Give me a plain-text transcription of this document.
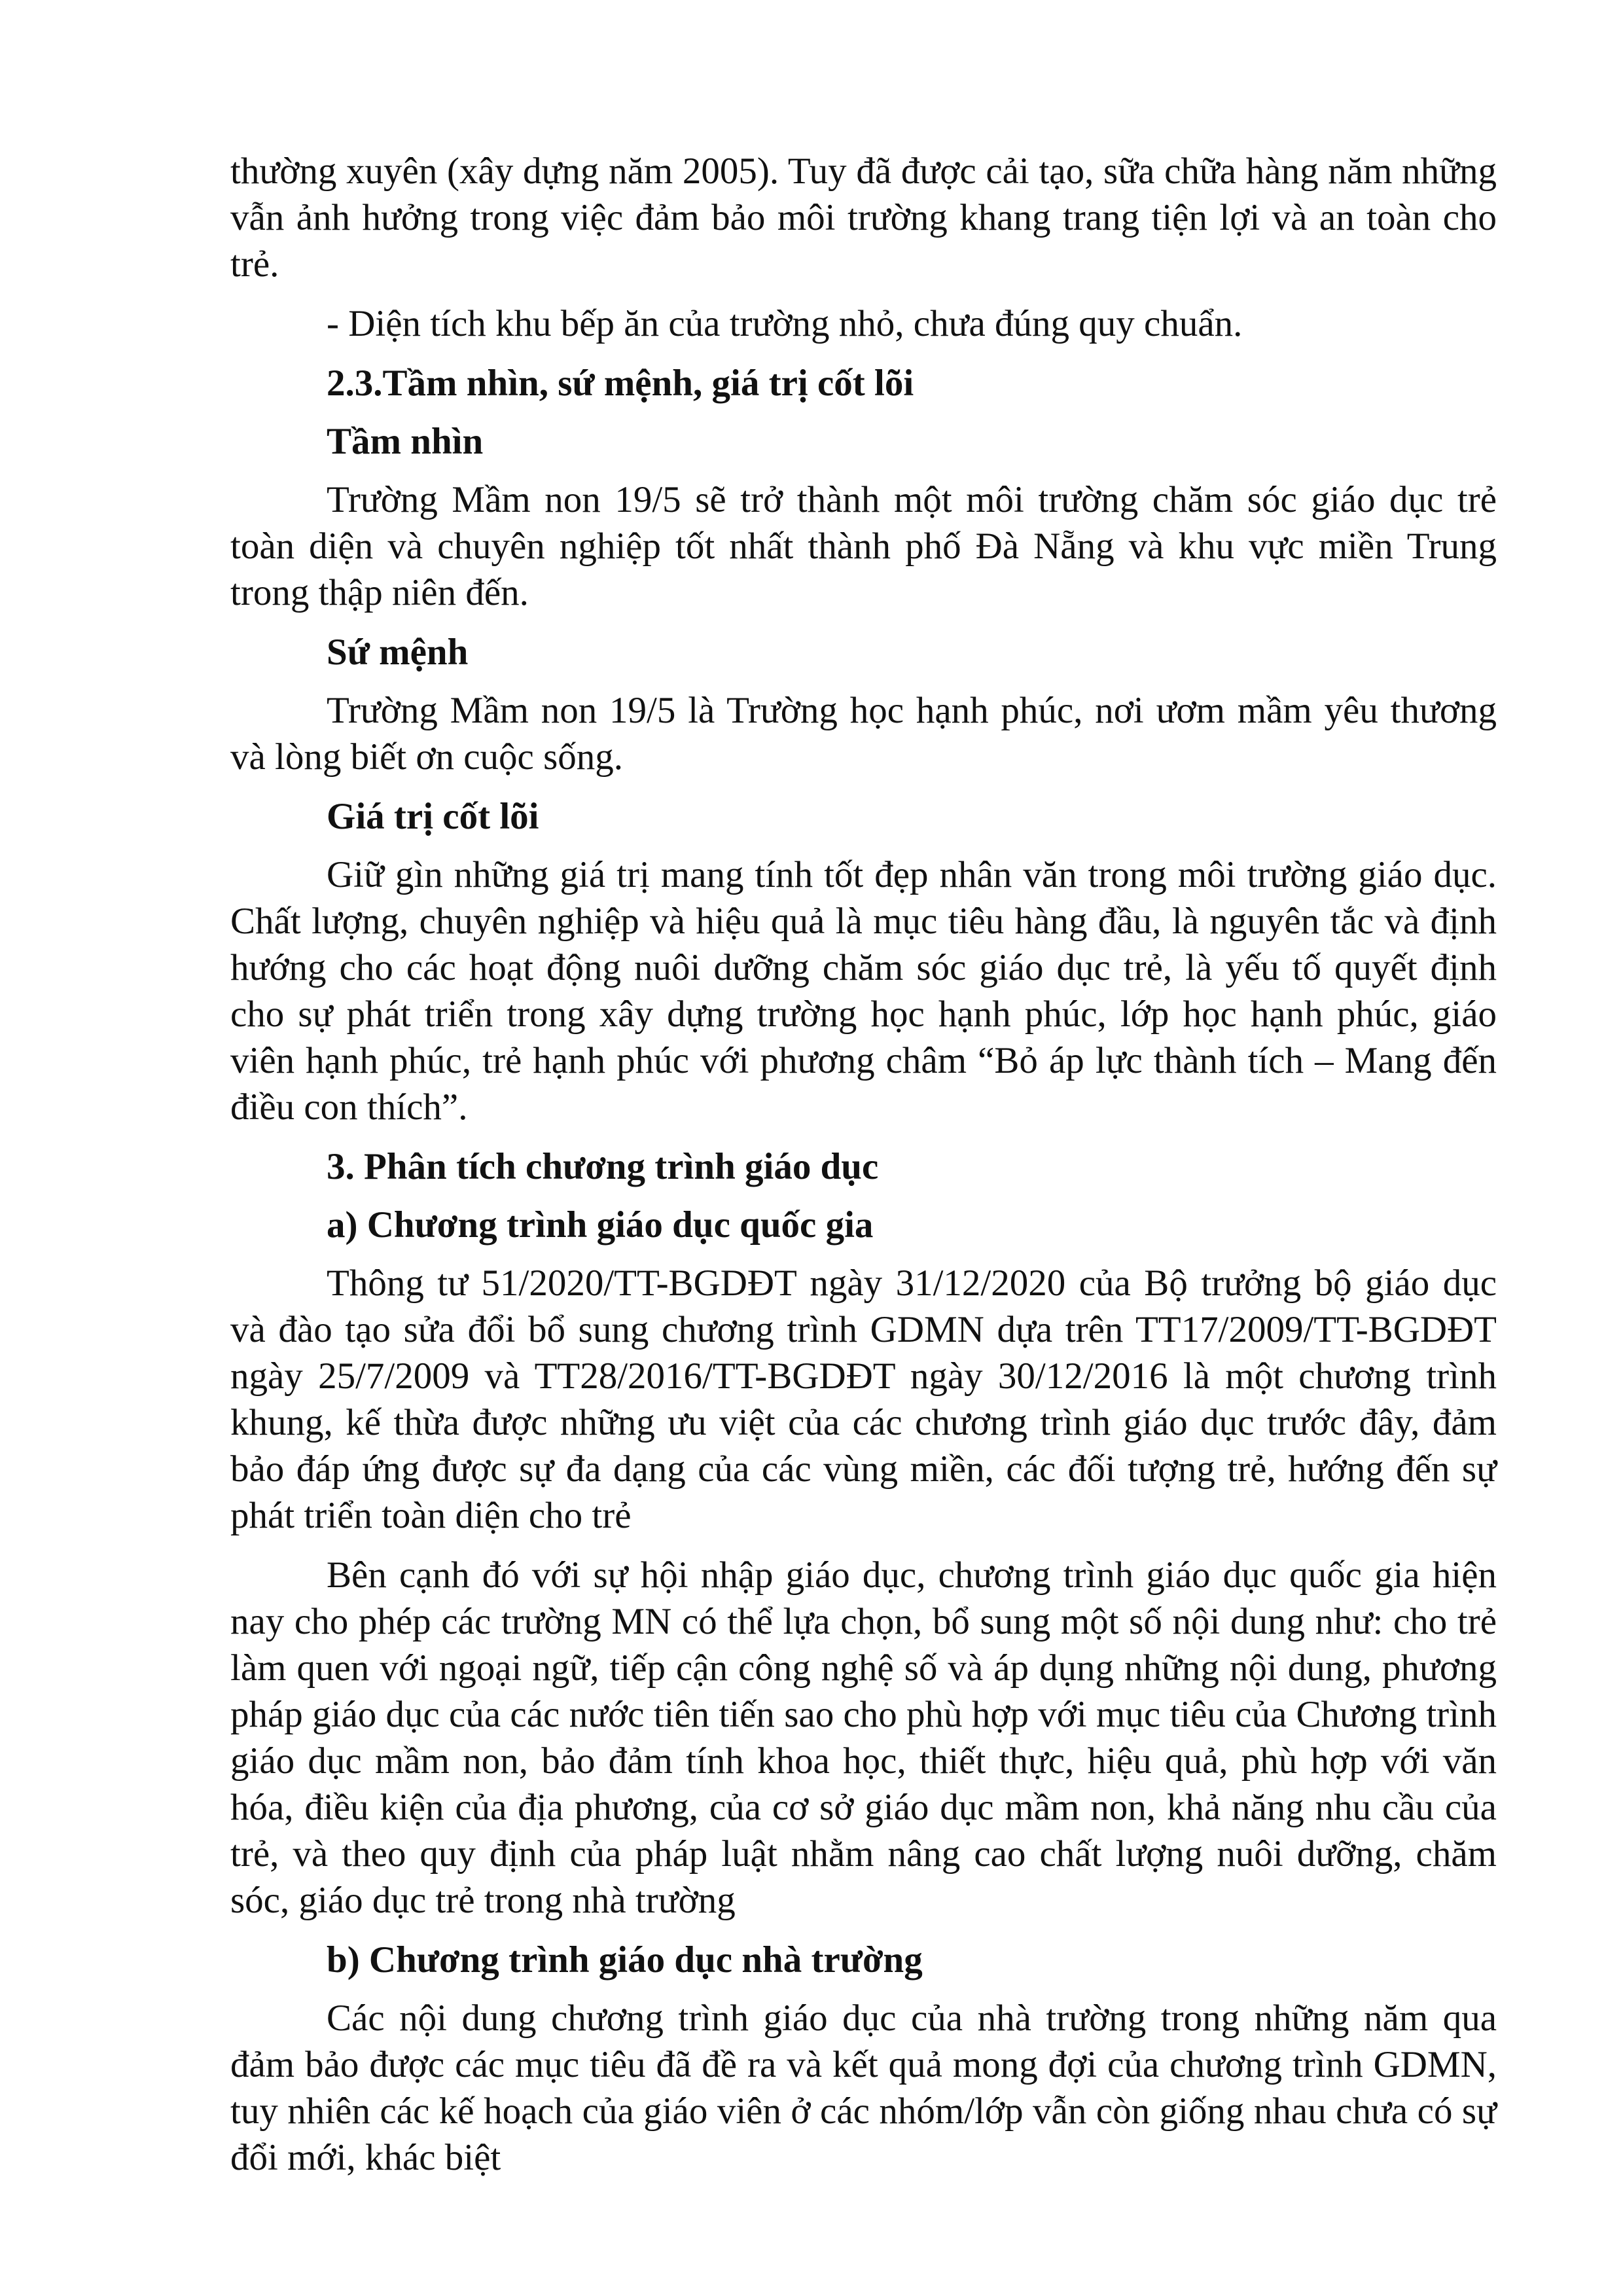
thường xuyên (xây dựng năm 2005). Tuy đã được cải tạo, sữa chữa hàng năm những vẫn ảnh hưởng trong việc đảm bảo môi trường khang trang tiện lợi và an toàn cho trẻ.

- Diện tích khu bếp ăn của trường nhỏ, chưa đúng quy chuẩn.

2.3.Tầm nhìn, sứ mệnh, giá trị cốt lõi

Tầm nhìn

Trường Mầm non 19/5 sẽ trở thành một môi trường chăm sóc giáo dục trẻ toàn diện và chuyên nghiệp tốt nhất thành phố Đà Nẵng và khu vực miền Trung trong thập niên đến.

Sứ mệnh

Trường Mầm non 19/5 là Trường học hạnh phúc, nơi ươm mầm yêu thương và lòng biết ơn cuộc sống.

Giá trị cốt lõi

Giữ gìn những giá trị mang tính tốt đẹp nhân văn trong môi trường giáo dục. Chất lượng, chuyên nghiệp và hiệu quả là mục tiêu hàng đầu, là nguyên tắc và định hướng cho các hoạt động nuôi dưỡng chăm sóc giáo dục trẻ, là yếu tố quyết định cho sự phát triển trong xây dựng trường học hạnh phúc, lớp học hạnh phúc, giáo viên hạnh phúc, trẻ hạnh phúc với phương châm “Bỏ áp lực thành tích – Mang đến điều con thích”.

3. Phân tích chương trình giáo dục

a) Chương trình giáo dục quốc gia

Thông tư 51/2020/TT-BGDĐT ngày 31/12/2020 của Bộ trưởng bộ giáo dục và đào tạo sửa đổi bổ sung chương trình GDMN dựa trên TT17/2009/TT-BGDĐT ngày 25/7/2009 và TT28/2016/TT-BGDĐT ngày 30/12/2016 là một chương trình khung, kế thừa được những ưu việt của các chương trình giáo dục trước đây, đảm bảo đáp ứng được sự đa dạng của các vùng miền, các đối tượng trẻ, hướng đến sự phát triển toàn diện cho trẻ

Bên cạnh đó với sự hội nhập giáo dục, chương trình giáo dục quốc gia hiện nay cho phép các trường MN có thể lựa chọn, bổ sung một số nội dung như: cho trẻ làm quen với ngoại ngữ, tiếp cận công nghệ số và áp dụng những nội dung, phương pháp giáo dục của các nước tiên tiến sao cho phù hợp với mục tiêu của Chương trình giáo dục mầm non, bảo đảm tính khoa học, thiết thực, hiệu quả, phù hợp với văn hóa, điều kiện của địa phương, của cơ sở giáo dục mầm non, khả năng nhu cầu của trẻ, và theo quy định của pháp luật nhằm nâng cao chất lượng nuôi dưỡng, chăm sóc, giáo dục trẻ trong nhà trường

b) Chương trình giáo dục nhà trường

Các nội dung chương trình giáo dục của nhà trường trong những năm qua đảm bảo được các mục tiêu đã đề ra và kết quả mong đợi của chương trình GDMN, tuy nhiên các kế hoạch của giáo viên ở các nhóm/lớp vẫn còn giống nhau chưa có sự đổi mới, khác biệt
